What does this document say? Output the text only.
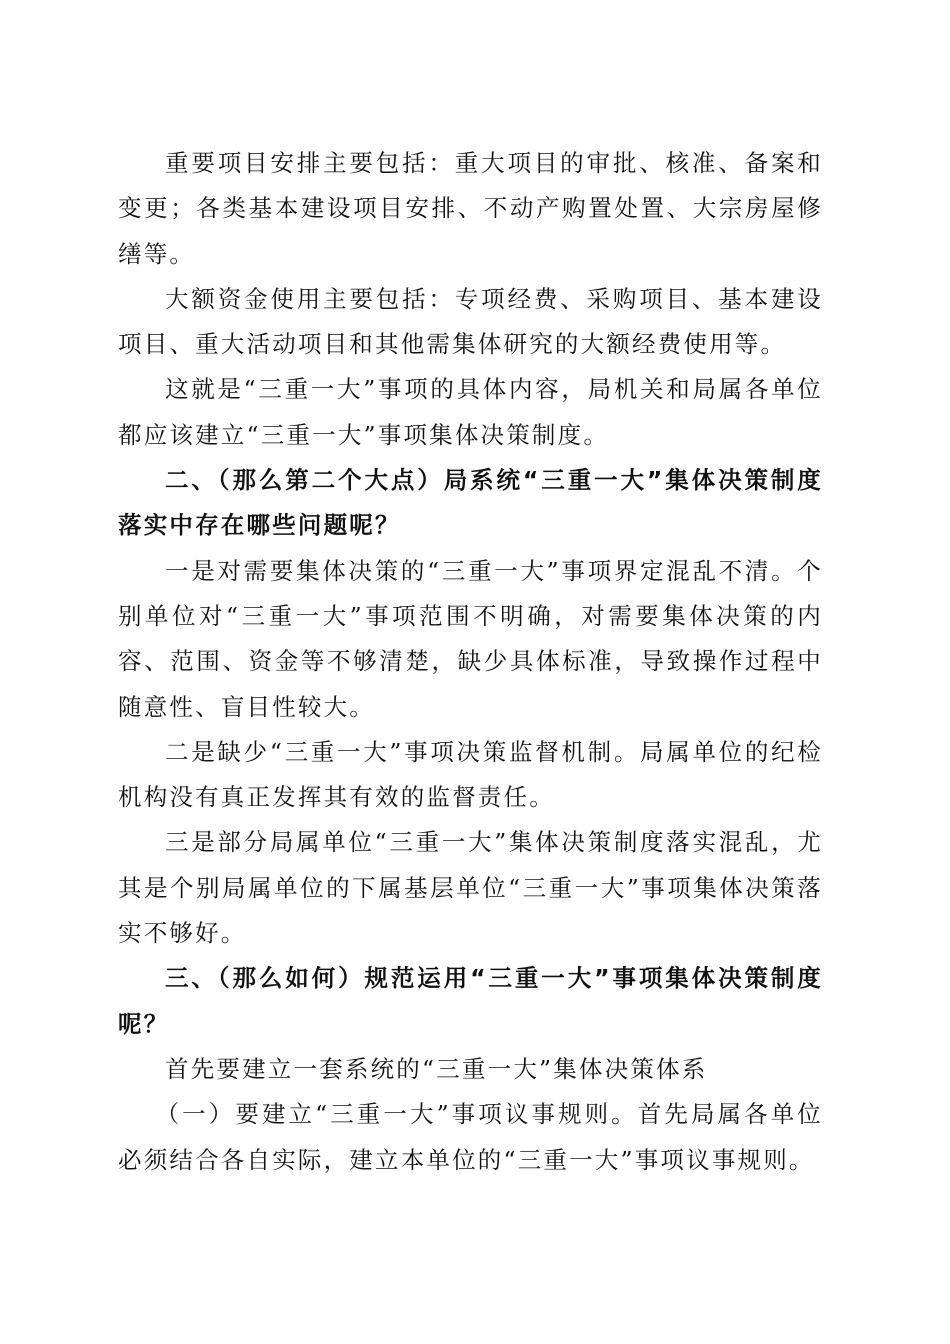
重要项目安排主要包括：重大项目的审批、核准、备案和变更；各类基本建设项目安排、不动产购置处置、大宗房屋修缮等。

大额资金使用主要包括：专项经费、采购项目、基本建设项目、重大活动项目和其他需集体研究的大额经费使用等。

这就是“三重一大”事项的具体内容，局机关和局属各单位都应该建立“三重一大”事项集体决策制度。

二、（那么第二个大点）局系统“三重一大”集体决策制度落实中存在哪些问题呢？

一是对需要集体决策的“三重一大”事项界定混乱不清。个别单位对“三重一大”事项范围不明确，对需要集体决策的内容、范围、资金等不够清楚，缺少具体标准，导致操作过程中随意性、盲目性较大。

二是缺少“三重一大”事项决策监督机制。局属单位的纪检机构没有真正发挥其有效的监督责任。

三是部分局属单位“三重一大”集体决策制度落实混乱，尤其是个别局属单位的下属基层单位“三重一大”事项集体决策落实不够好。

三、（那么如何）规范运用“三重一大”事项集体决策制度呢？

首先要建立一套系统的“三重一大”集体决策体系

（一）要建立“三重一大”事项议事规则。首先局属各单位必须结合各自实际，建立本单位的“三重一大”事项议事规则。
